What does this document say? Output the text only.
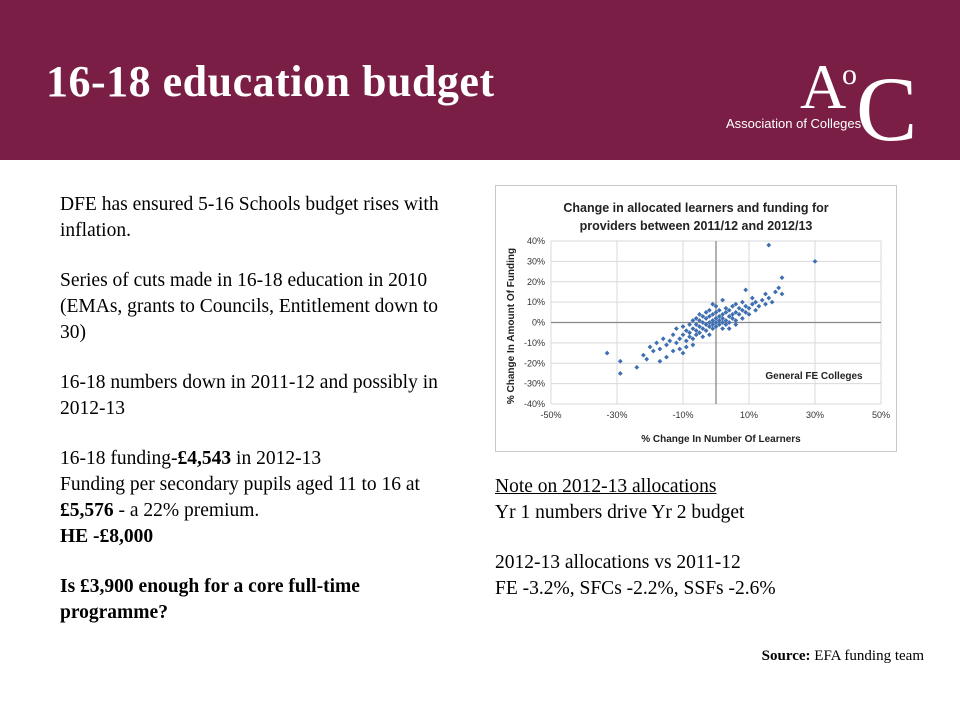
16-18 education budget	A
o C
Association of Colleges

DFE has ensured 5-16 Schools budget rises with inflation.

Series of cuts made in 16-18 education in 2010 (EMAs, grants to Councils, Entitlement down to 30)

16-18 numbers down in 2011-12 and possibly in 2012-13

16-18 funding-£4,543 in 2012-13
Funding per secondary pupils aged 11 to 16 at £5,576 - a 22% premium.
HE -£8,000

Is £3,900 enough for a core full-time programme?

Change in allocated learners and funding for
providers between 2011/12 and 2012/13
40%
30%
20%
10%
0%
-10%
-20%
-30%
-40%
-50%	-30%	-10%	10%	30%	50%
General FE Colleges
% Change In Number Of Learners
% Change In Amount Of Funding

Note on 2012-13 allocations
Yr 1 numbers drive Yr 2 budget

2012-13 allocations vs 2011-12
FE -3.2%, SFCs -2.2%, SSFs -2.6%

Source: EFA funding team
